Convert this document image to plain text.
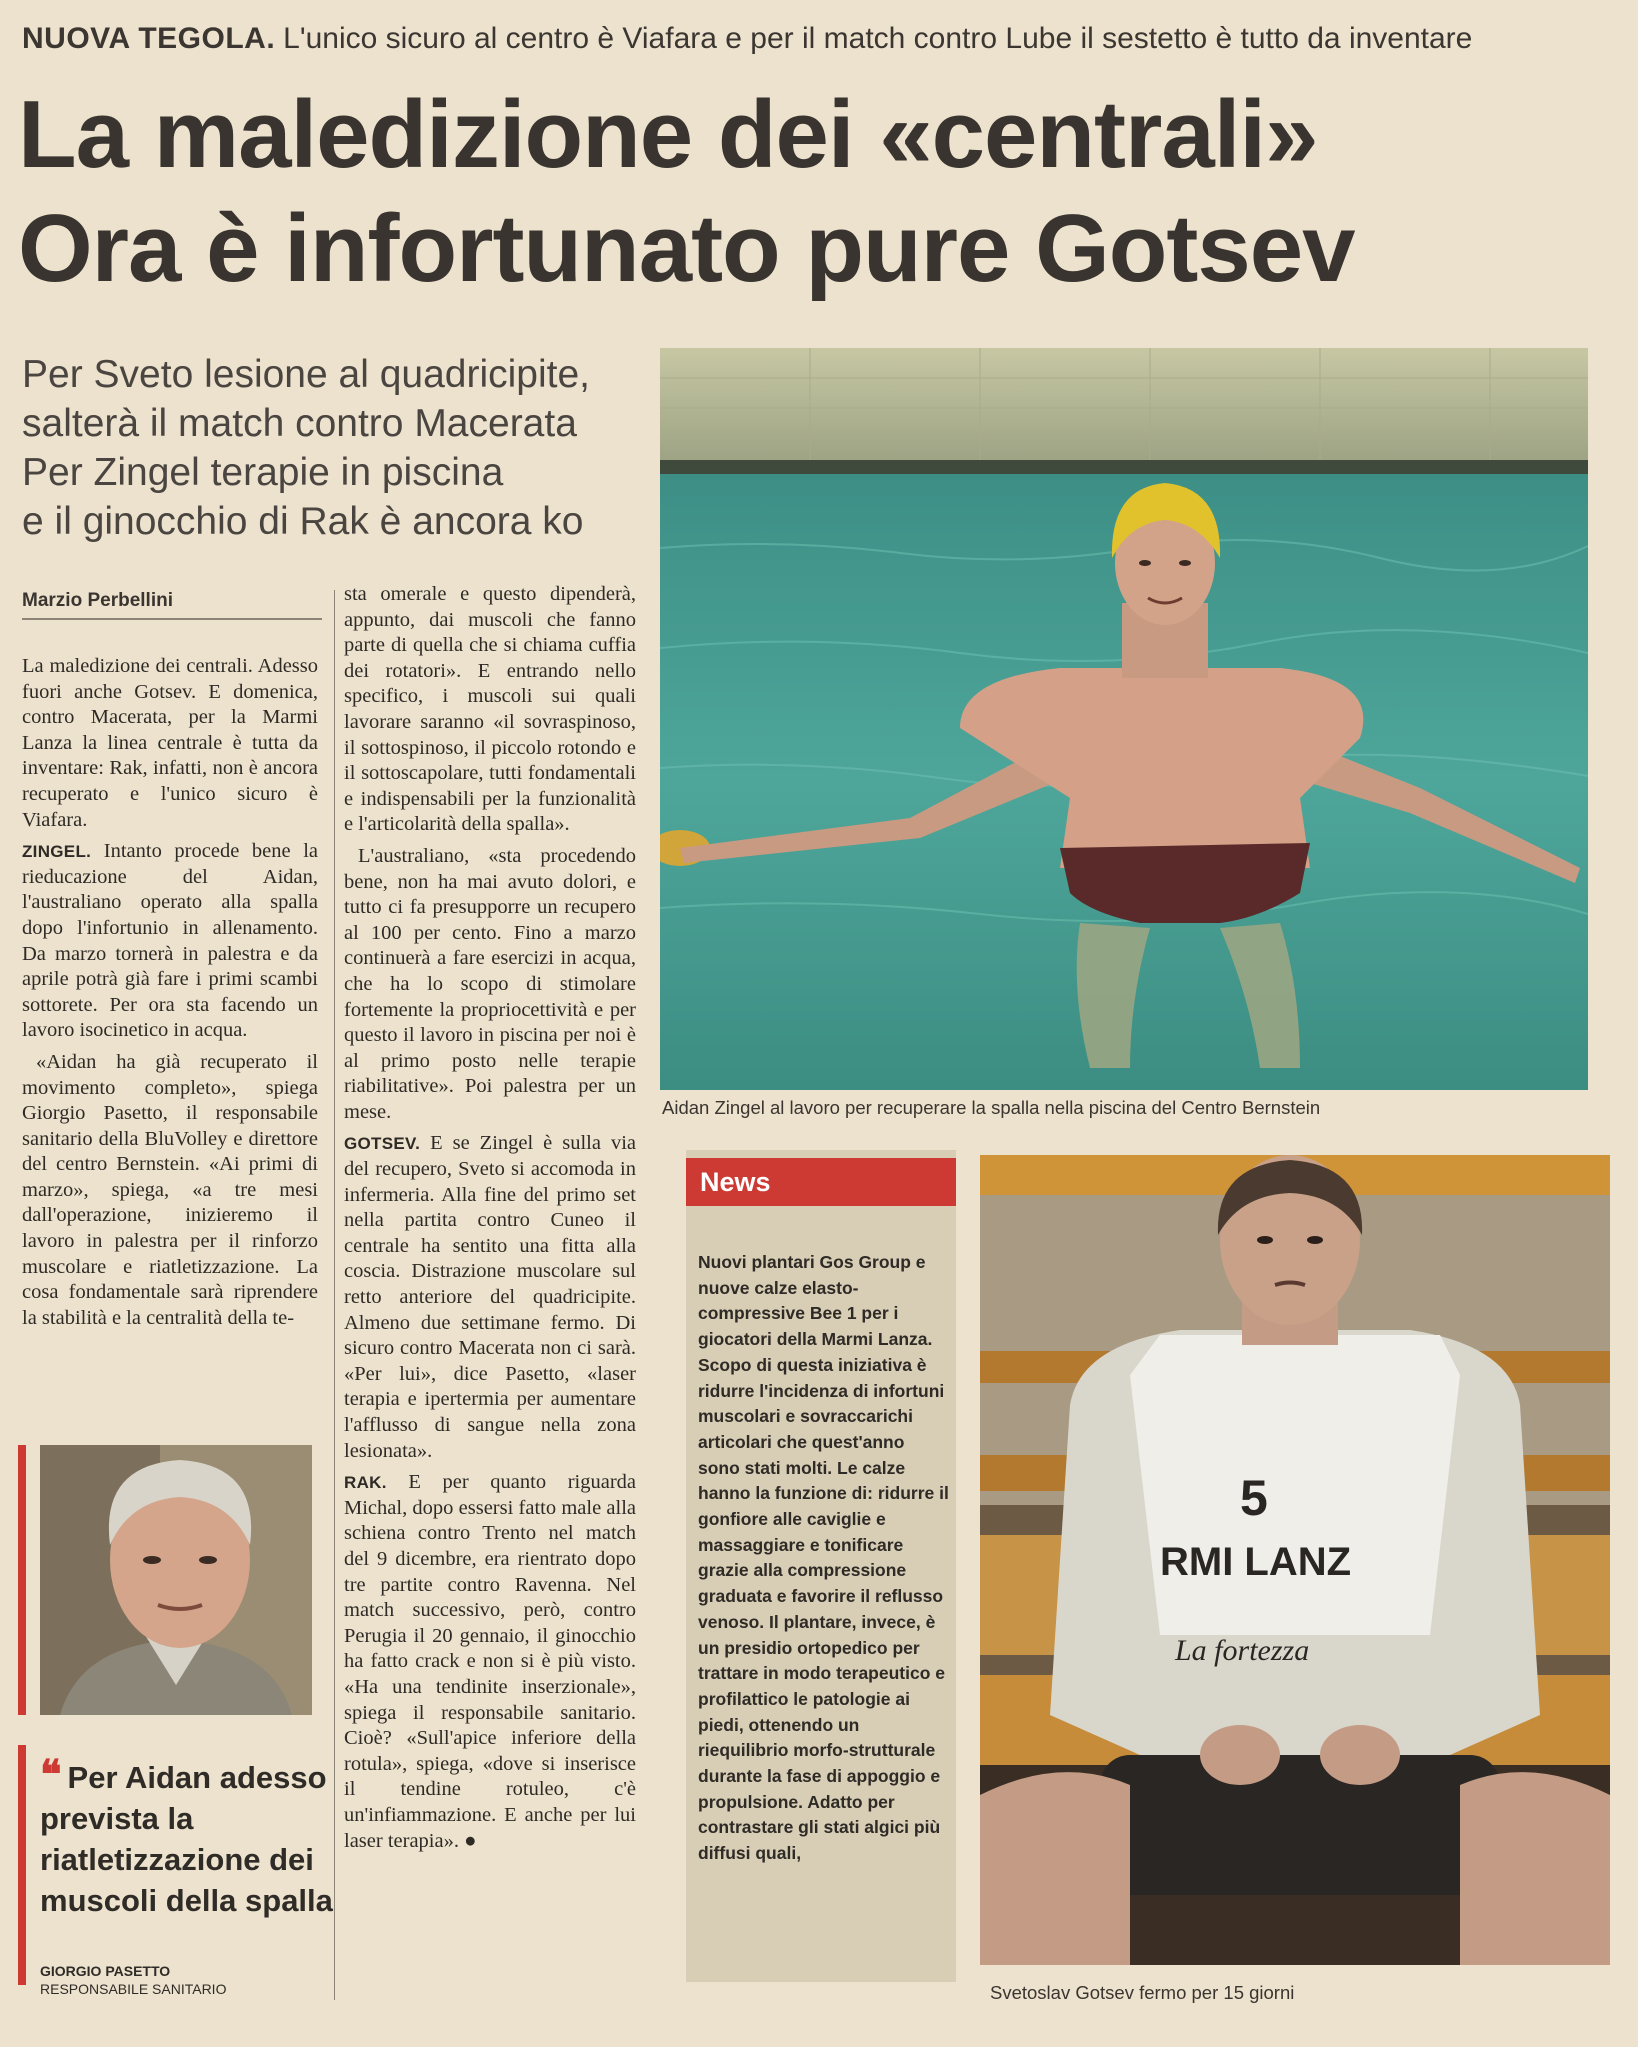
NUOVA TEGOLA. L'unico sicuro al centro è Viafara e per il match contro Lube il sestetto è tutto da inventare
La maledizione dei «centrali»
Ora è infortunato pure Gotsev
Per Sveto lesione al quadricipite,
salterà il match contro Macerata
Per Zingel terapie in piscina
e il ginocchio di Rak è ancora ko
Marzio Perbellini

La maledizione dei centrali. Adesso fuori anche Gotsev. E domenica, contro Macerata, per la Marmi Lanza la linea centrale è tutta da inventare: Rak, infatti, non è ancora recuperato e l'unico sicuro è Viafara.

ZINGEL. Intanto procede bene la rieducazione del Aidan, l'australiano operato alla spalla dopo l'infortunio in allenamento. Da marzo tornerà in palestra e da aprile potrà già fare i primi scambi sottorete. Per ora sta facendo un lavoro isocinetico in acqua.

«Aidan ha già recuperato il movimento completo», spiega Giorgio Pasetto, il responsabile sanitario della BluVolley e direttore del centro Bernstein. «Ai primi di marzo», spiega, «a tre mesi dall'operazione, inizieremo il lavoro in palestra per il rinforzo muscolare e riatletizzazione. La cosa fondamentale sarà riprendere la stabilità e la centralità della te-

sta omerale e questo dipenderà, appunto, dai muscoli che fanno parte di quella che si chiama cuffia dei rotatori». E entrando nello specifico, i muscoli sui quali lavorare saranno «il sovraspinoso, il sottospinoso, il piccolo rotondo e il sottoscapolare, tutti fondamentali e indispensabili per la funzionalità e l'articolarità della spalla».

L'australiano, «sta procedendo bene, non ha mai avuto dolori, e tutto ci fa presupporre un recupero al 100 per cento. Fino a marzo continuerà a fare esercizi in acqua, che ha lo scopo di stimolare fortemente la propriocettività e per questo il lavoro in piscina per noi è al primo posto nelle terapie riabilitative». Poi palestra per un mese.

GOTSEV. E se Zingel è sulla via del recupero, Sveto si accomoda in infermeria. Alla fine del primo set nella partita contro Cuneo il centrale ha sentito una fitta alla coscia. Distrazione muscolare sul retto anteriore del quadricipite. Almeno due settimane fermo. Di sicuro contro Macerata non ci sarà. «Per lui», dice Pasetto, «laser terapia e ipertermia per aumentare l'afflusso di sangue nella zona lesionata».

RAK. E per quanto riguarda Michal, dopo essersi fatto male alla schiena contro Trento nel match del 9 dicembre, era rientrato dopo tre partite contro Ravenna. Nel match successivo, però, contro Perugia il 20 gennaio, il ginocchio ha fatto crack e non si è più visto. «Ha una tendinite inserzionale», spiega il responsabile sanitario. Cioè? «Sull'apice inferiore della rotula», spiega, «dove si inserisce il tendine rotuleo, c'è un'infiammazione. E anche per lui laser terapia». ●

Aidan Zingel al lavoro per recuperare la spalla nella piscina del Centro Bernstein
News
Nuovi plantari Gos Group e nuove calze elasto-compressive Bee 1 per i giocatori della Marmi Lanza. Scopo di questa iniziativa è ridurre l'incidenza di infortuni muscolari e sovraccarichi articolari che quest'anno sono stati molti. Le calze hanno la funzione di: ridurre il gonfiore alle caviglie e massaggiare e tonificare grazie alla compressione graduata e favorire il reflusso venoso. Il plantare, invece, è un presidio ortopedico per trattare in modo terapeutico e profilattico le patologie ai piedi, ottenendo un riequilibrio morfo-strutturale durante la fase di appoggio e propulsione. Adatto per contrastare gli stati algici più diffusi quali,
5
RMI LANZ
La fortezza
Svetoslav Gotsev fermo per 15 giorni
❝ Per Aidan adesso prevista la riatletizzazione dei muscoli della spalla
GIORGIO PASETTO
RESPONSABILE SANITARIO
